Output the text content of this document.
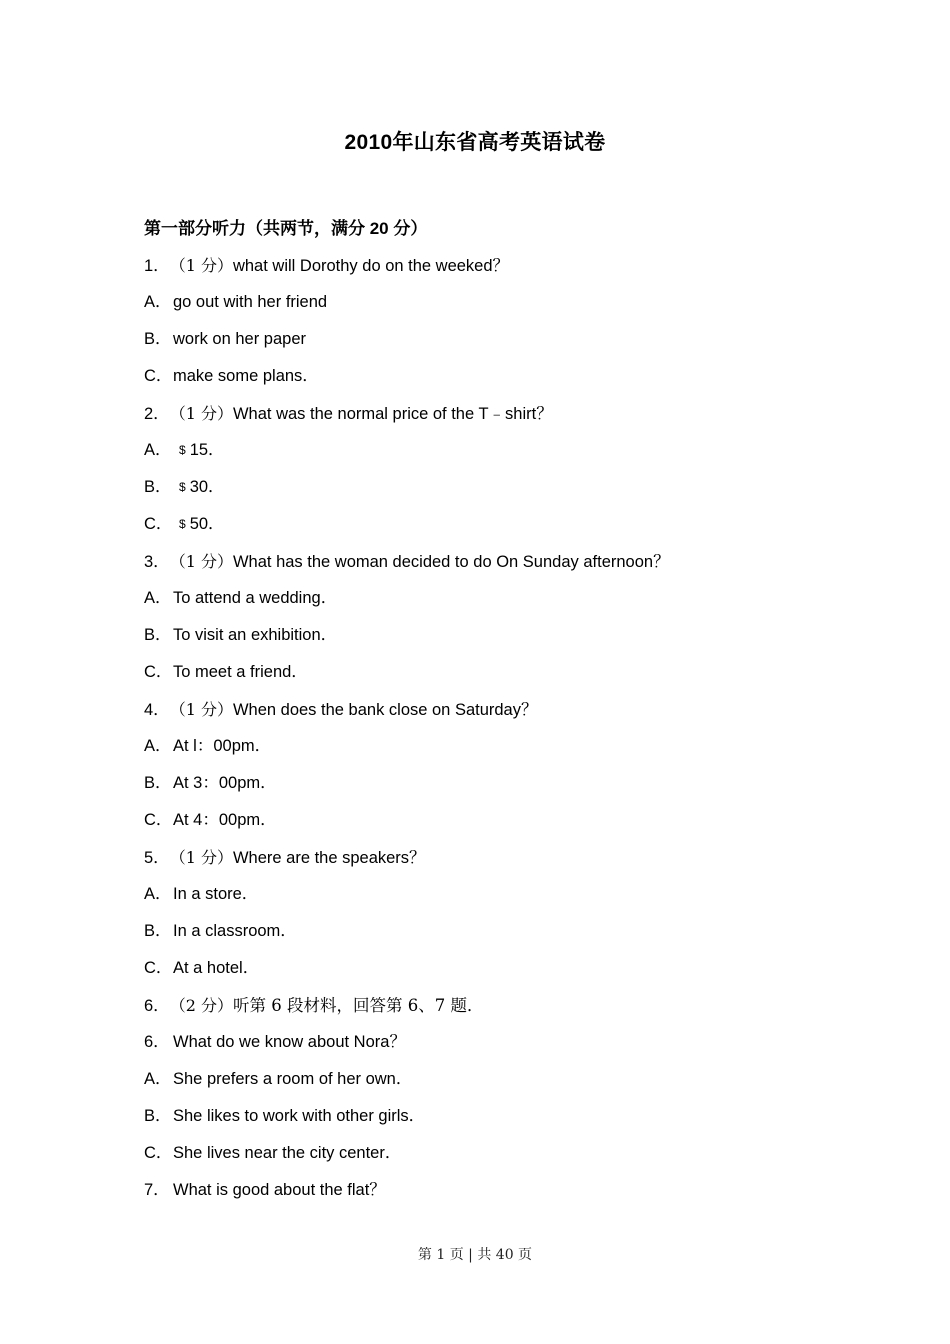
2010年山东省高考英语试卷
第一部分听力（共两节，满分 20 分）
1．（1 分）what will Dorothy do on the weeked？
A．go out with her friend
B．work on her paper
C．make some plans．
2．（1 分）What was the normal price of the T﹣shirt？
A． $ 15．
B． $ 30．
C． $ 50．
3．（1 分）What has the woman decided to do On Sunday afternoon？
A．To attend a wedding．
B．To visit an exhibition．
C．To meet a friend．
4．（1 分）When does the bank close on Saturday？
A．At l：00pm．
B．At 3：00pm．
C．At 4：00pm．
5．（1 分）Where are the speakers？
A．In a store．
B．In a classroom．
C．At a hotel．
6．（2 分）听第 6 段材料，回答第 6、7 题．
6． What do we know about Nora？
A．She prefers a room of her own．
B．She likes to work with other girls．
C．She lives near the city center．
7． What is good about the flat？
第 1 页 | 共 40 页
